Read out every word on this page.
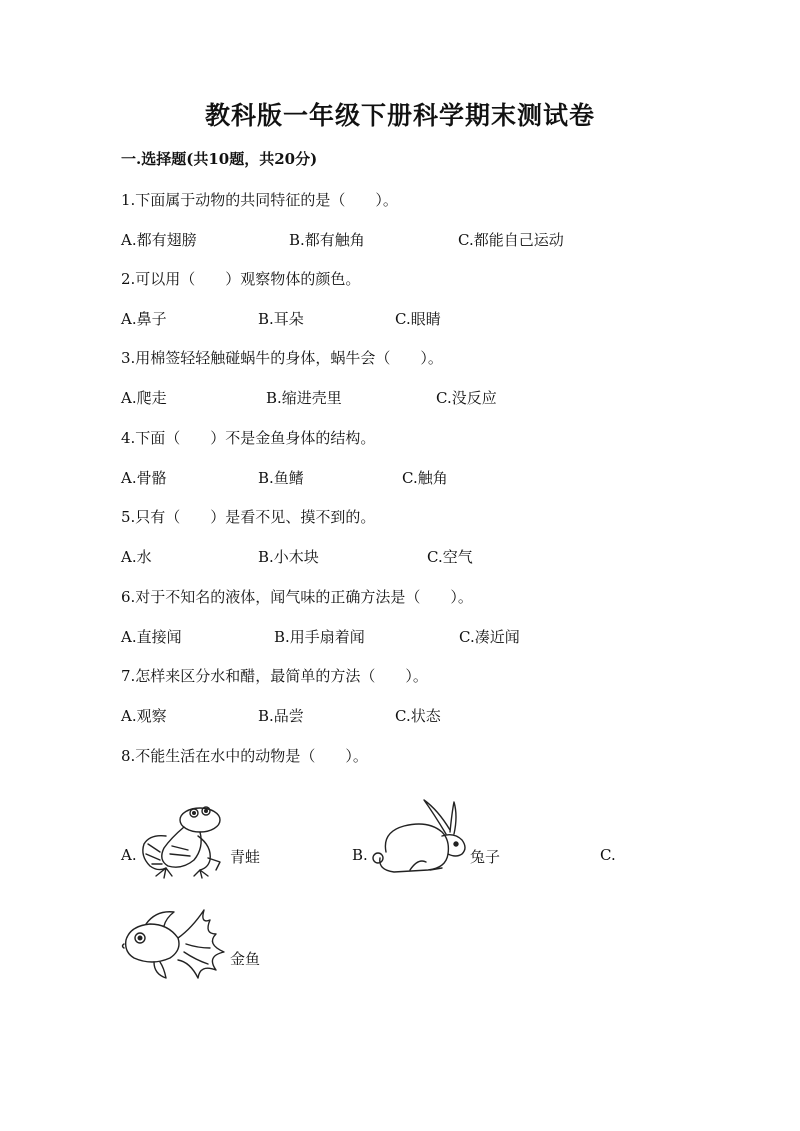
教科版一年级下册科学期末测试卷
一.选择题(共10题，共20分)
1.下面属于动物的共同特征的是（　　）。
A.都有翅膀	B.都有触角	C.都能自己运动
2.可以用（　　）观察物体的颜色。
A.鼻子	B.耳朵	C.眼睛
3.用棉签轻轻触碰蜗牛的身体，蜗牛会（　　）。
A.爬走	B.缩进壳里	C.没反应
4.下面（　　）不是金鱼身体的结构。
A.骨骼	B.鱼鳍	C.触角
5.只有（　　）是看不见、摸不到的。
A.水	B.小木块	C.空气
6.对于不知名的液体，闻气味的正确方法是（　　）。
A.直接闻	B.用手扇着闻	C.凑近闻
7.怎样来区分水和醋，最简单的方法（　　）。
A.观察	B.品尝	C.状态
8.不能生活在水中的动物是（　　）。
A.	青蛙	B.	兔子	C.
金鱼
